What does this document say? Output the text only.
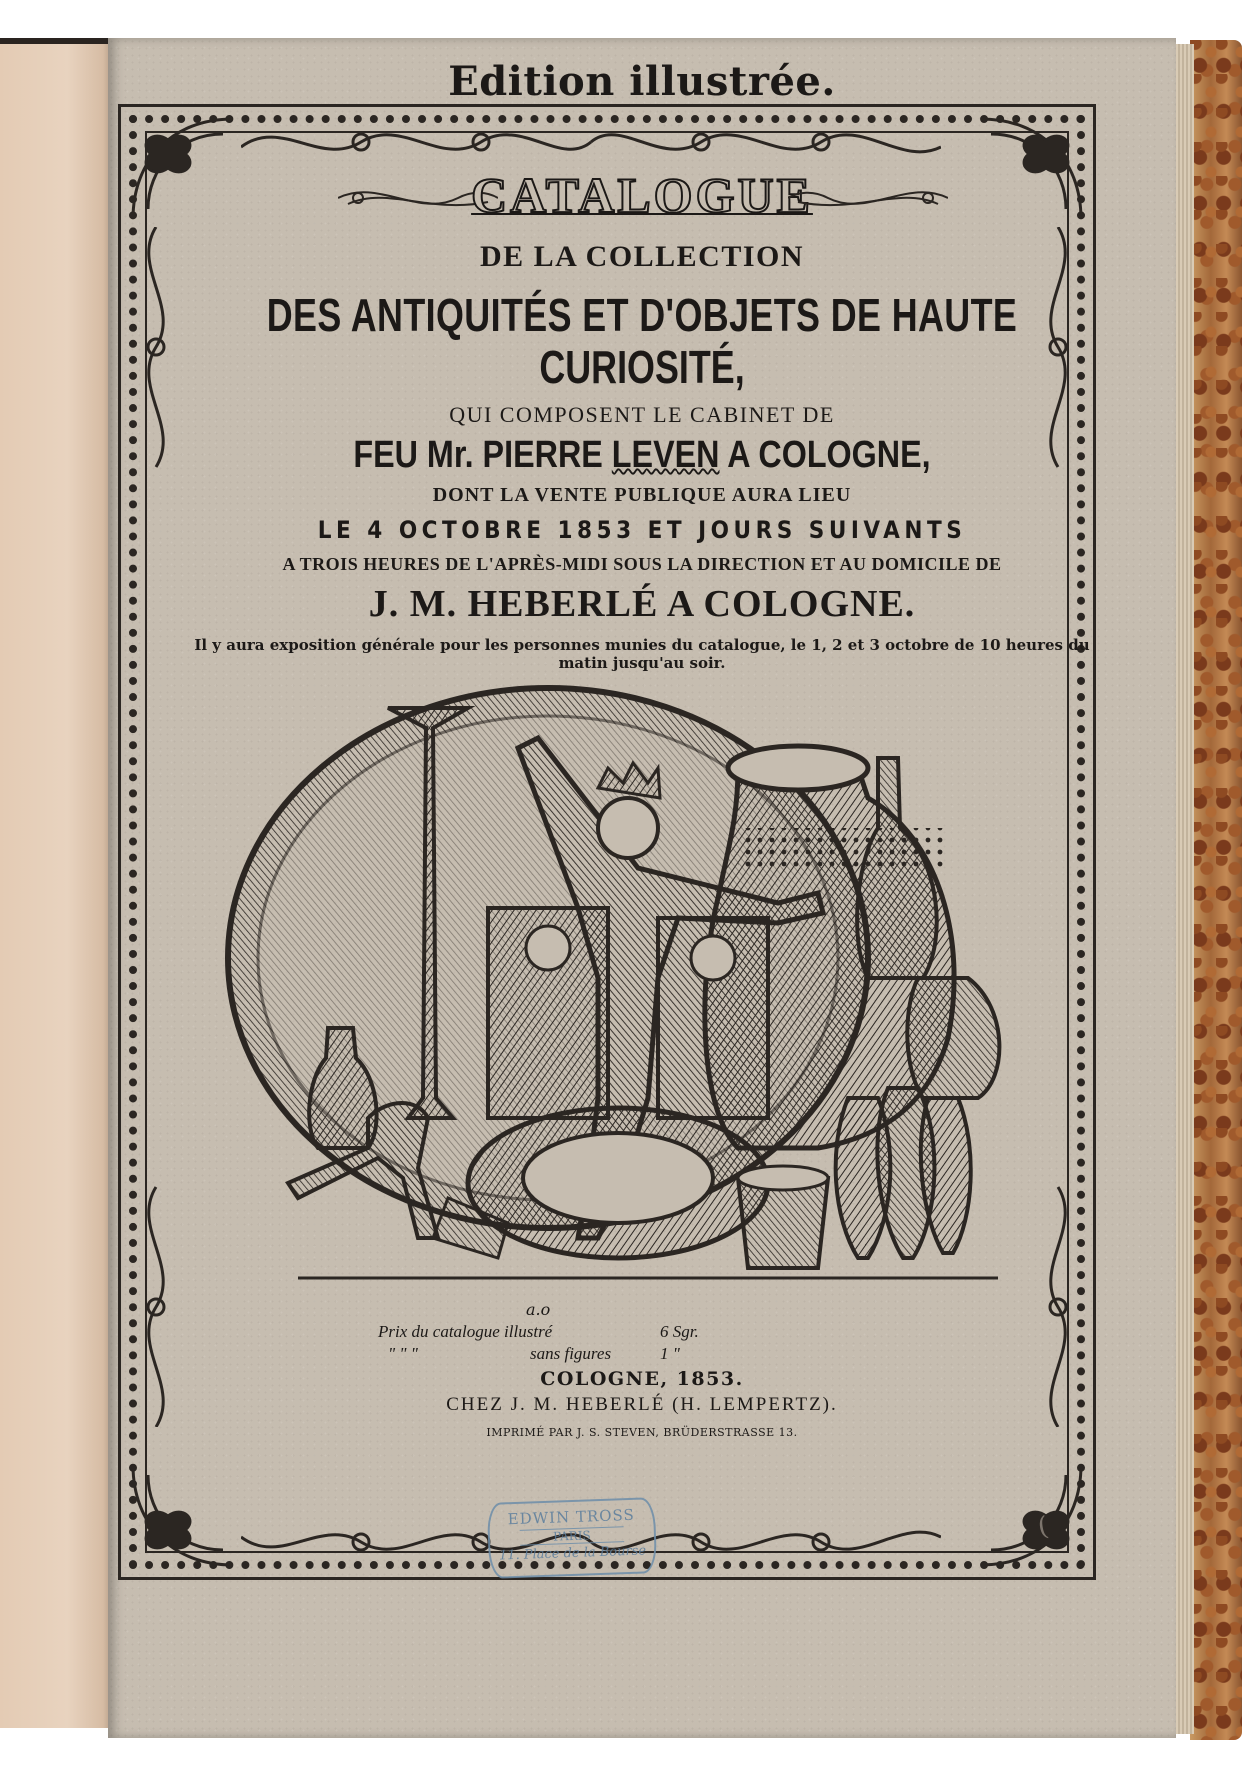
Edition illustrée.
CATALOGUE
DE LA COLLECTION
DES ANTIQUITÉS ET D'OBJETS DE HAUTE
CURIOSITÉ,
QUI COMPOSENT LE CABINET DE
FEU Mr. PIERRE LEVEN A COLOGNE,
DONT LA VENTE PUBLIQUE AURA LIEU
LE 4 OCTOBRE 1853 ET JOURS SUIVANTS
A TROIS HEURES DE L'APRÈS-MIDI SOUS LA DIRECTION ET AU DOMICILE DE
J. M. HEBERLÉ A COLOGNE.
Il y aura exposition générale pour les personnes munies du catalogue, le 1, 2 et 3 octobre de 10 heures du
matin jusqu'au soir.
a.o
Prix du catalogue illustré	6 Sgr.
" " "	sans figures	1 "
COLOGNE, 1853.
CHEZ J. M. HEBERLÉ (H. LEMPERTZ).
IMPRIMÉ PAR J. S. STEVEN, BRÜDERSTRASSE 13.
EDWIN TROSS
PARIS
11. Place de la Bourse
(
